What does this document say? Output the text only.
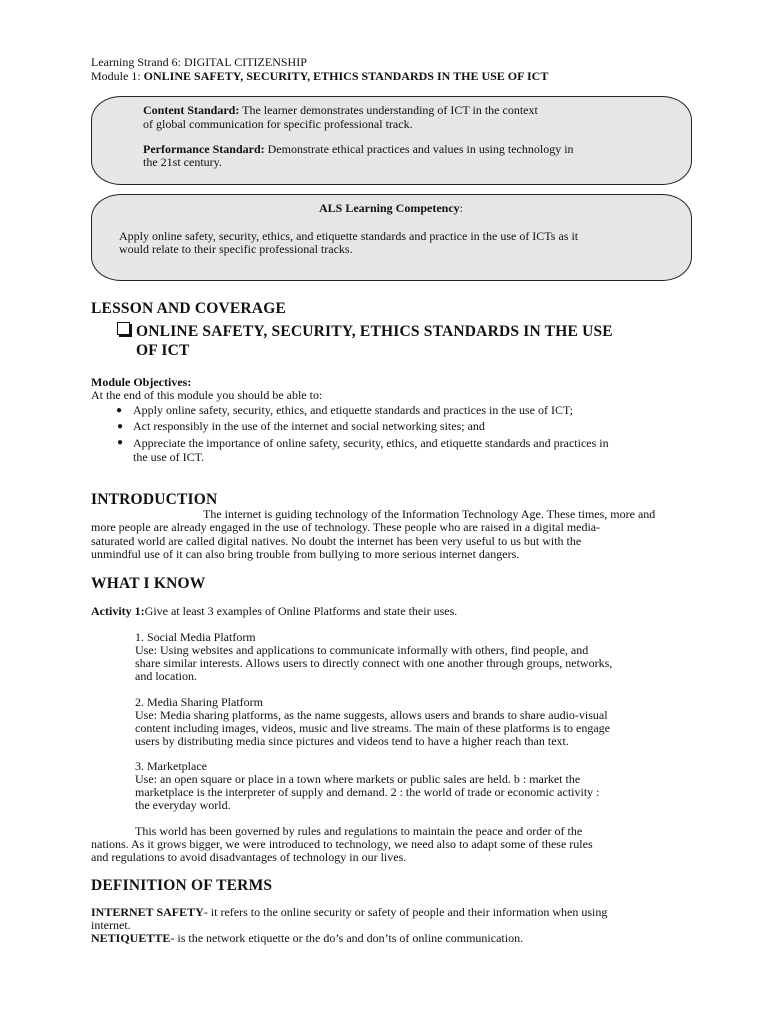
Learning Strand 6: DIGITAL CITIZENSHIP
Module 1: ONLINE SAFETY, SECURITY, ETHICS STANDARDS IN THE USE OF ICT
Content Standard: The learner demonstrates understanding of ICT in the context
of global communication for specific professional track.
Performance Standard: Demonstrate ethical practices and values in using technology in
the 21st century.
ALS Learning Competency:
Apply online safety, security, ethics, and etiquette standards and practice in the use of ICTs as it
would relate to their specific professional tracks.
LESSON AND COVERAGE
ONLINE SAFETY, SECURITY, ETHICS STANDARDS IN THE USE
OF ICT
Module Objectives:
At the end of this module you should be able to:
● Apply online safety, security, ethics, and etiquette standards and practices in the use of ICT;
● Act responsibly in the use of the internet and social networking sites; and
● Appreciate the importance of online safety, security, ethics, and etiquette standards and practices in
the use of ICT.
INTRODUCTION
The internet is guiding technology of the Information Technology Age. These times, more and
more people are already engaged in the use of technology. These people who are raised in a digital media-
saturated world are called digital natives. No doubt the internet has been very useful to us but with the
unmindful use of it can also bring trouble from bullying to more serious internet dangers.
WHAT I KNOW
Activity 1:Give at least 3 examples of Online Platforms and state their uses.
1. Social Media Platform
Use: Using websites and applications to communicate informally with others, find people, and
share similar interests. Allows users to directly connect with one another through groups, networks,
and location.
2. Media Sharing Platform
Use: Media sharing platforms, as the name suggests, allows users and brands to share audio-visual
content including images, videos, music and live streams. The main of these platforms is to engage
users by distributing media since pictures and videos tend to have a higher reach than text.
3. Marketplace
Use: an open square or place in a town where markets or public sales are held. b : market the
marketplace is the interpreter of supply and demand. 2 : the world of trade or economic activity :
the everyday world.
This world has been governed by rules and regulations to maintain the peace and order of the
nations. As it grows bigger, we were introduced to technology, we need also to adapt some of these rules
and regulations to avoid disadvantages of technology in our lives.
DEFINITION OF TERMS
INTERNET SAFETY- it refers to the online security or safety of people and their information when using
internet.
NETIQUETTE- is the network etiquette or the do’s and don’ts of online communication.
